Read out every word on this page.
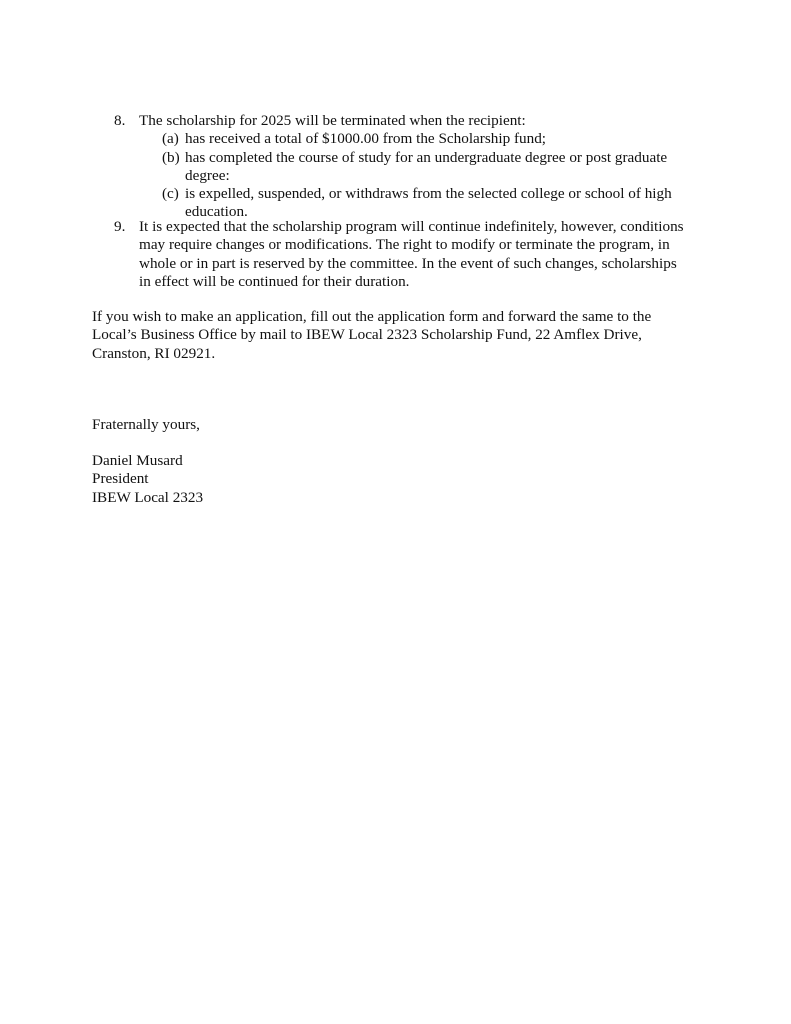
8. The scholarship for 2025 will be terminated when the recipient:
(a) has received a total of $1000.00 from the Scholarship fund;
(b) has completed the course of study for an undergraduate degree or post graduate
degree:
(c) is expelled, suspended, or withdraws from the selected college or school of high
education.
9. It is expected that the scholarship program will continue indefinitely, however, conditions
may require changes or modifications. The right to modify or terminate the program, in
whole or in part is reserved by the committee. In the event of such changes, scholarships
in effect will be continued for their duration.
If you wish to make an application, fill out the application form and forward the same to the
Local’s Business Office by mail to IBEW Local 2323 Scholarship Fund, 22 Amflex Drive,
Cranston, RI 02921.
Fraternally yours,
Daniel Musard
President
IBEW Local 2323
